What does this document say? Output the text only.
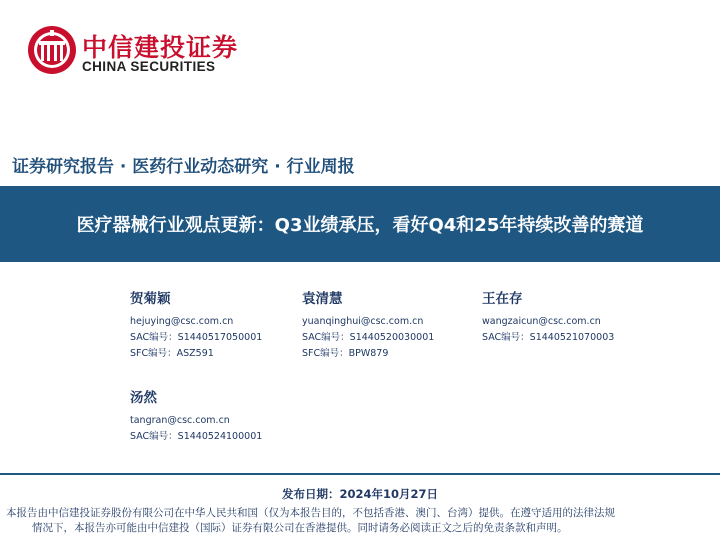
中信建投证券
CHINA SECURITIES
证券研究报告 · 医药行业动态研究 · 行业周报
医疗器械行业观点更新：Q3业绩承压，看好Q4和25年持续改善的赛道
贺菊颖
hejuying@csc.com.cn
SAC编号：S1440517050001
SFC编号：ASZ591
袁清慧
yuanqinghui@csc.com.cn
SAC编号：S1440520030001
SFC编号：BPW879
王在存
wangzaicun@csc.com.cn
SAC编号：S1440521070003
汤然
tangran@csc.com.cn
SAC编号：S1440524100001
发布日期：2024年10月27日
本报告由中信建投证券股份有限公司在中华人民共和国（仅为本报告目的，不包括香港、澳门、台湾）提供。在遵守适用的法律法规
情况下，本报告亦可能由中信建投（国际）证券有限公司在香港提供。同时请务必阅读正文之后的免责条款和声明。
